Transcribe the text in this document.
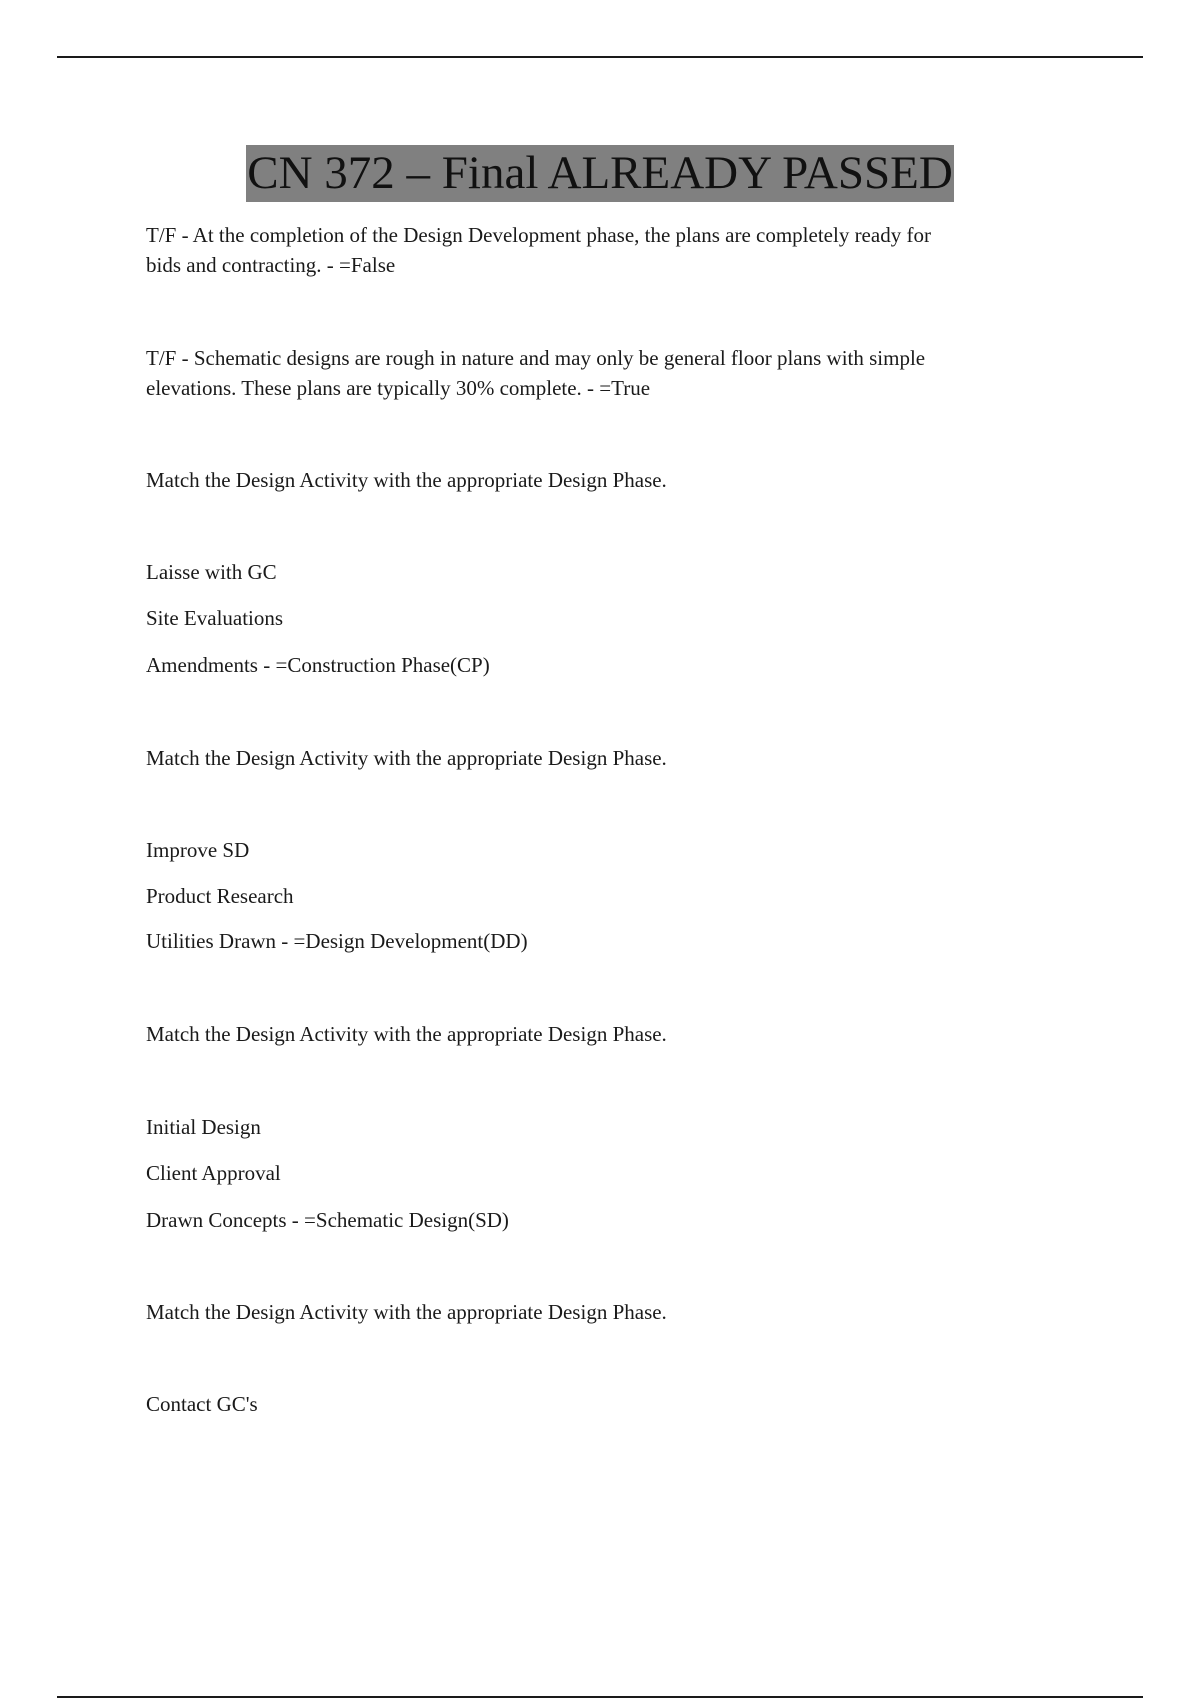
CN 372 – Final ALREADY PASSED
T/F - At the completion of the Design Development phase, the plans are completely ready for
bids and contracting. - =False
T/F - Schematic designs are rough in nature and may only be general floor plans with simple
elevations. These plans are typically 30% complete. - =True
Match the Design Activity with the appropriate Design Phase.
Laisse with GC
Site Evaluations
Amendments - =Construction Phase(CP)
Match the Design Activity with the appropriate Design Phase.
Improve SD
Product Research
Utilities Drawn - =Design Development(DD)
Match the Design Activity with the appropriate Design Phase.
Initial Design
Client Approval
Drawn Concepts - =Schematic Design(SD)
Match the Design Activity with the appropriate Design Phase.
Contact GC's
